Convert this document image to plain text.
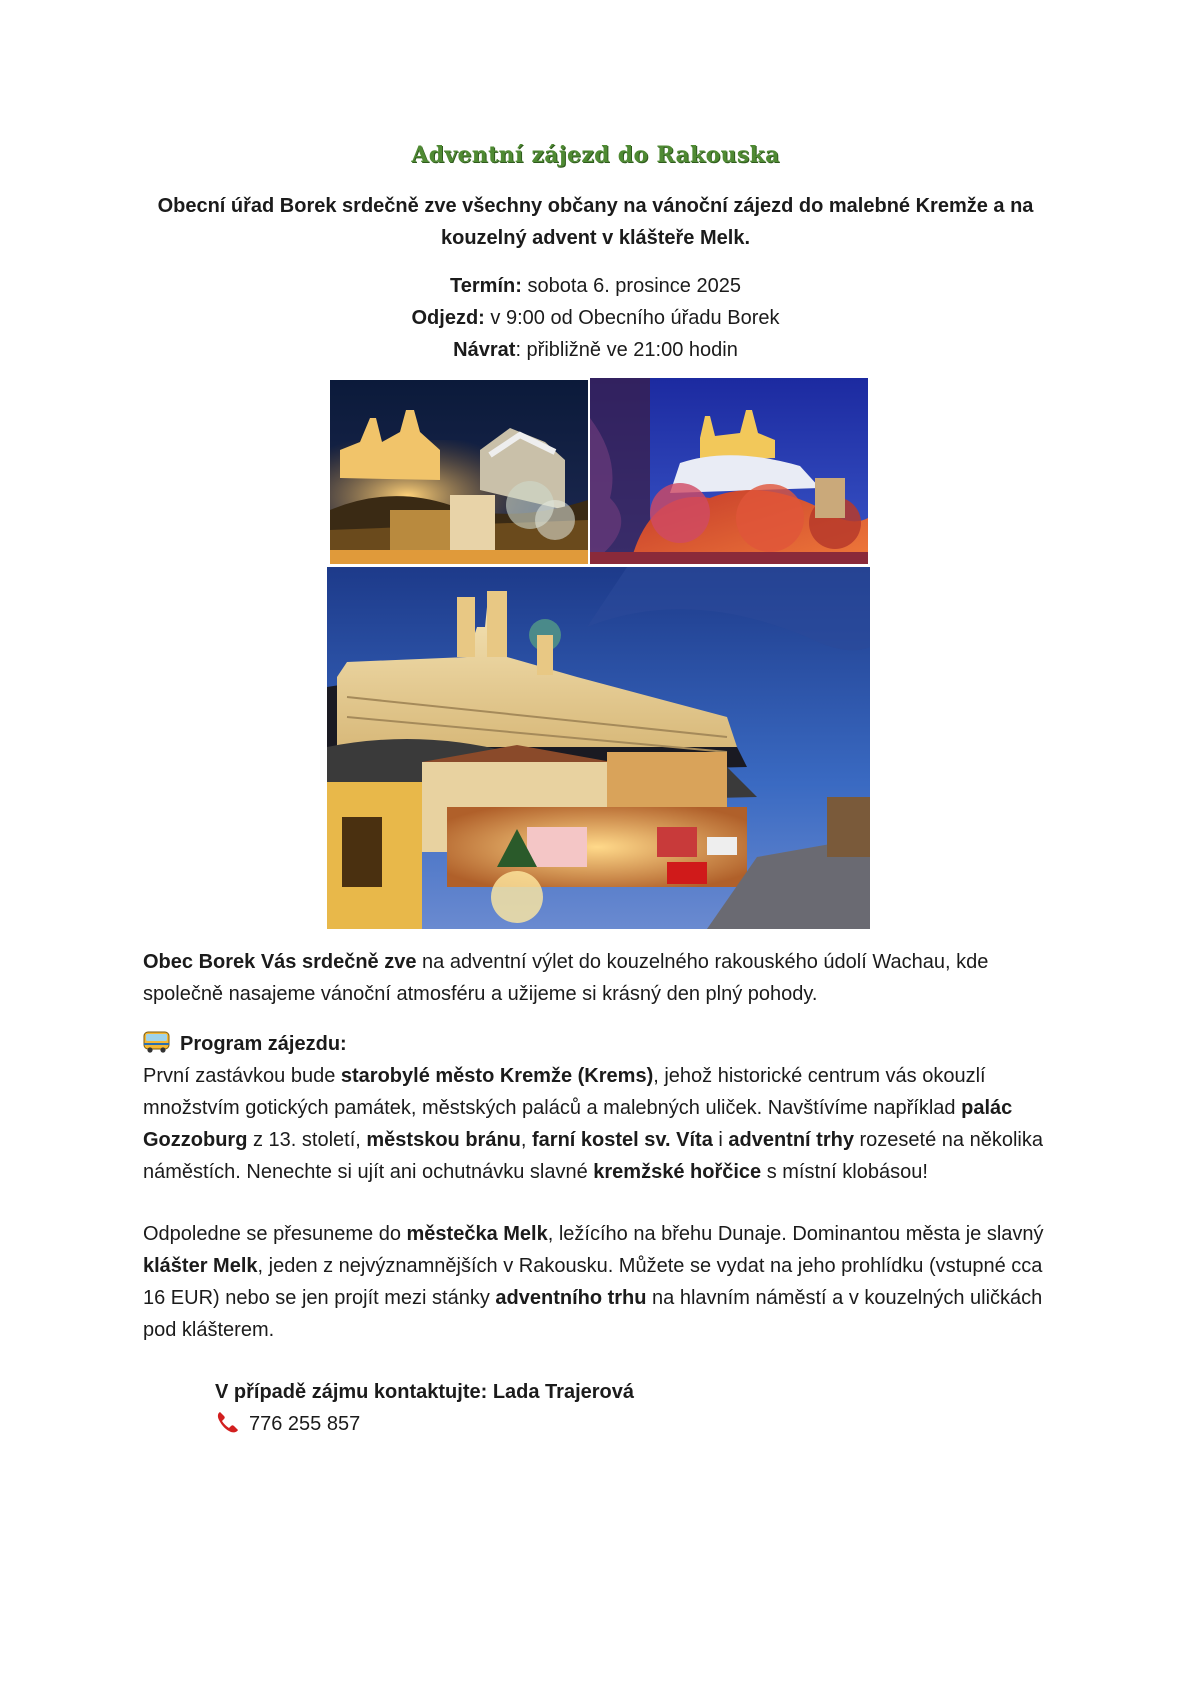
Adventní zájezd do Rakouska
Obecní úřad Borek srdečně zve všechny občany na vánoční zájezd do malebné Kremže a na kouzelný advent v klášteře Melk.
Termín: sobota 6. prosince 2025
Odjezd: v 9:00 od Obecního úřadu Borek
Návrat: přibližně ve 21:00 hodin
Obec Borek Vás srdečně zve na adventní výlet do kouzelného rakouského údolí Wachau, kde společně nasajeme vánoční atmosféru a užijeme si krásný den plný pohody.
Program zájezdu:
První zastávkou bude starobylé město Kremže (Krems), jehož historické centrum vás okouzlí množstvím gotických památek, městských paláců a malebných uliček. Navštívíme například palác Gozzoburg z 13. století, městskou bránu, farní kostel sv. Víta i adventní trhy rozeseté na několika náměstích. Nenechte si ujít ani ochutnávku slavné kremžské hořčice s místní klobásou!
Odpoledne se přesuneme do městečka Melk, ležícího na břehu Dunaje. Dominantou města je slavný klášter Melk, jeden z nejvýznamnějších v Rakousku. Můžete se vydat na jeho prohlídku (vstupné cca 16 EUR) nebo se jen projít mezi stánky adventního trhu na hlavním náměstí a v kouzelných uličkách pod klášterem.
V případě zájmu kontaktujte: Lada Trajerová
776 255 857
